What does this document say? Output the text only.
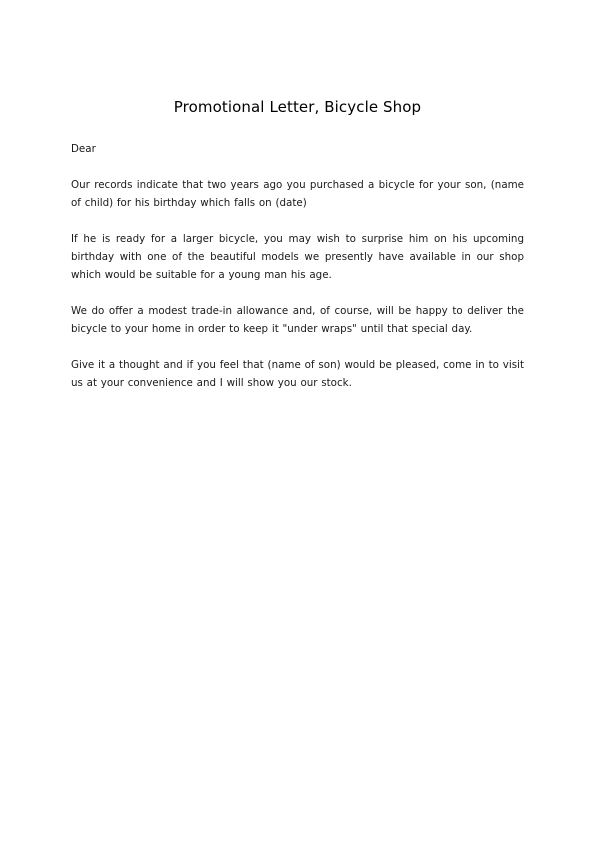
Promotional Letter, Bicycle Shop

Dear

Our records indicate that two years ago you purchased a bicycle for your son, (name of child) for his birthday which falls on (date)

If he is ready for a larger bicycle, you may wish to surprise him on his upcoming birthday with one of the beautiful models we presently have available in our shop which would be suitable for a young man his age.

We do offer a modest trade-in allowance and, of course, will be happy to deliver the bicycle to your home in order to keep it "under wraps" until that special day.

Give it a thought and if you feel that (name of son) would be pleased, come in to visit us at your convenience and I will show you our stock.
